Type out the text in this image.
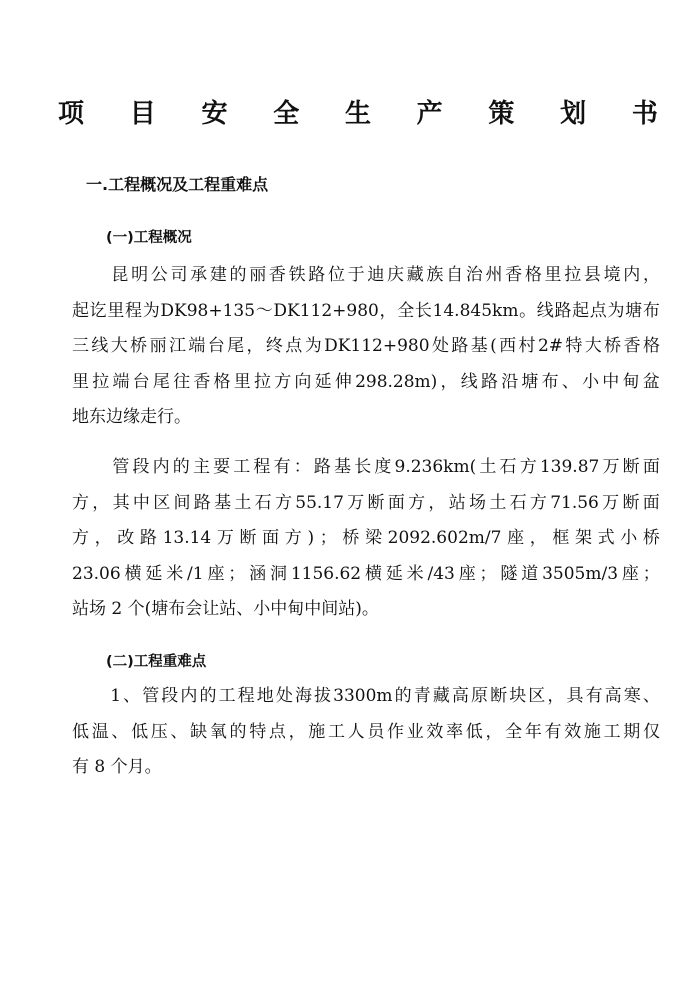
项 目 安 全 生 产 策 划 书
一.工程概况及工程重难点
(一)工程概况

昆 明 公 司 承 建 的 丽 香 铁 路 位 于 迪 庆 藏 族 自 治 州 香 格 里 拉 县 境 内 ，
起 讫 里 程 为 DK98+135 ～ DK112+980 ， 全 长 14.845km 。 线 路 起 点 为 塘 布
三 线 大 桥 丽 江 端 台 尾 ， 终 点 为 DK112+980 处 路 基 ( 西 村 2# 特 大 桥 香 格
里 拉 端 台 尾 往 香 格 里 拉 方 向 延 伸 298.28m) ， 线 路 沿 塘 布 、 小 中 甸 盆
地东边缘走行。

管 段 内 的 主 要 工 程 有 ： 路 基 长 度 9.236km( 土 石 方 139.87 万 断 面
方 ， 其 中 区 间 路 基 土 石 方 55.17 万 断 面 方 ， 站 场 土 石 方 71.56 万 断 面
方 ， 改 路 13.14 万 断 面 方 ) ； 桥 梁 2092.602m/7 座 ， 框 架 式 小 桥
23.06 横 延 米 /1 座 ； 涵 洞 1156.62 横 延 米 /43 座 ； 隧 道 3505m/3 座 ；
站场 2 个(塘布会让站、小中甸中间站)。
(二)工程重难点

1 、 管 段 内 的 工 程 地 处 海 拔 3300m 的 青 藏 高 原 断 块 区 ， 具 有 高 寒 、
低 温 、 低 压 、 缺 氧 的 特 点 ， 施 工 人 员 作 业 效 率 低 ， 全 年 有 效 施 工 期 仅
有 8 个月。
